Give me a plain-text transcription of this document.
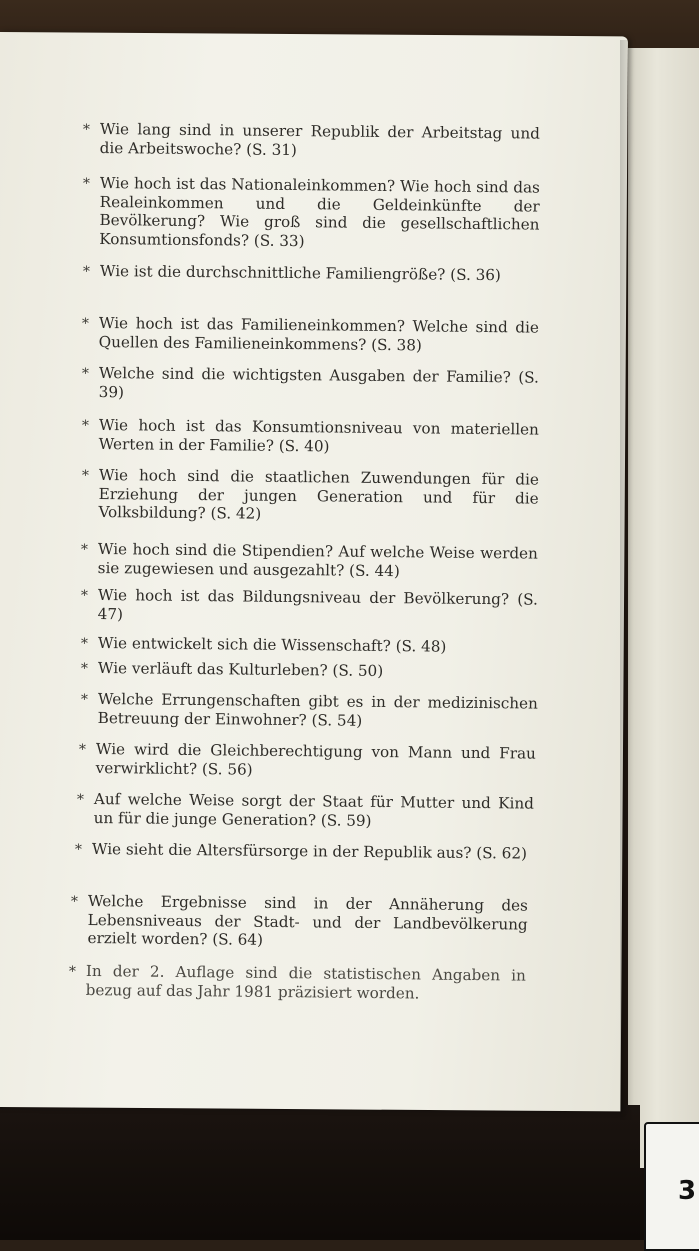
* Wie lang sind in unserer Republik der Arbeitstag und die Arbeitswoche? (S. 31)
* Wie hoch ist das Nationaleinkommen? Wie hoch sind das Realeinkommen und die Geldeinkünfte der Bevölkerung? Wie groß sind die gesellschaftlichen Konsumtionsfonds? (S. 33)
* Wie ist die durchschnittliche Familiengröße? (S. 36)
* Wie hoch ist das Familieneinkommen? Welche sind die Quellen des Familieneinkommens? (S. 38)
* Welche sind die wichtigsten Ausgaben der Familie? (S. 39)
* Wie hoch ist das Konsumtionsniveau von materiellen Werten in der Familie? (S. 40)
* Wie hoch sind die staatlichen Zuwendungen für die Erziehung der jungen Generation und für die Volksbildung? (S. 42)
* Wie hoch sind die Stipendien? Auf welche Weise werden sie zugewiesen und ausgezahlt? (S. 44)
* Wie hoch ist das Bildungsniveau der Bevölkerung? (S. 47)
* Wie entwickelt sich die Wissenschaft? (S. 48)
* Wie verläuft das Kulturleben? (S. 50)
* Welche Errungenschaften gibt es in der medizinischen Betreuung der Einwohner? (S. 54)
* Wie wird die Gleichberechtigung von Mann und Frau verwirklicht? (S. 56)
* Auf welche Weise sorgt der Staat für Mutter und Kind un für die junge Generation? (S. 59)
* Wie sieht die Altersfürsorge in der Republik aus? (S. 62)
* Welche Ergebnisse sind in der Annäherung des Lebensniveaus der Stadt- und der Landbevölkerung erzielt worden? (S. 64)
* In der 2. Auflage sind die statistischen Angaben in bezug auf das Jahr 1981 präzisiert worden.
3
